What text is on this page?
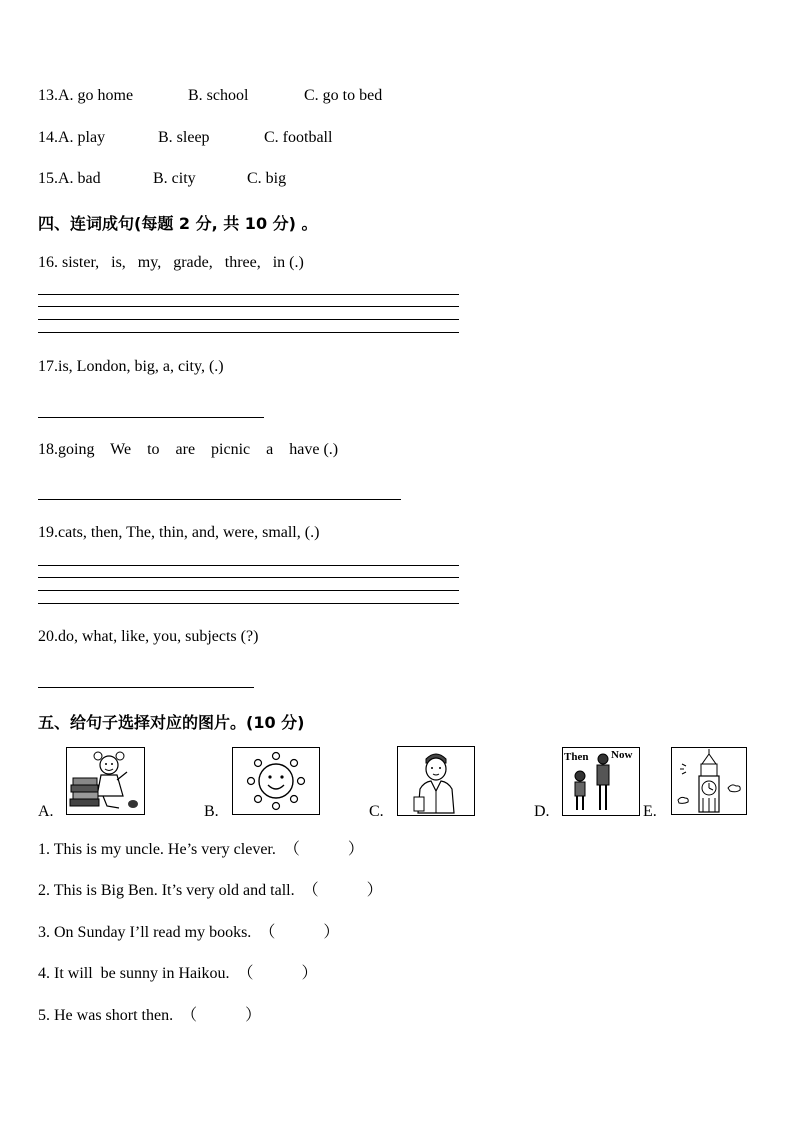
13.A. go home	B. school	C. go to bed
14.A. play	B. sleep	C. football
15.A. bad	B. city	C. big
四、连词成句(每题 2 分, 共 10 分) 。
16. sister,   is,   my,   grade,   three,   in (.)
17.is, London, big, a, city, (.)
18.going    We    to    are    picnic    a    have (.)
19.cats, then, The, thin, and, were, small, (.)
20.do, what, like, you, subjects (?)
五、给句子选择对应的图片。(10 分)
A.	B.	C.	D.
Then Now
E.
1. This is my uncle. He’s very clever. （            ）
2. This is Big Ben. It’s very old and tall. （            ）
3. On Sunday I’ll read my books. （            ）
4. It will  be sunny in Haikou. （            ）
5. He was short then. （            ）
